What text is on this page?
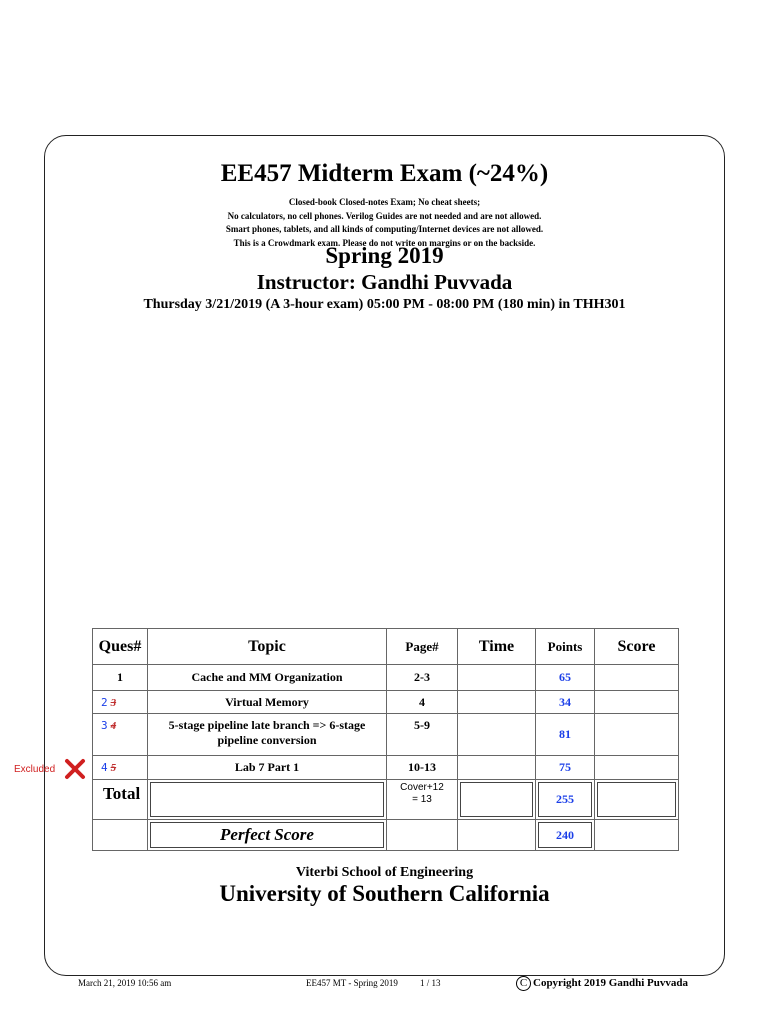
EE457 Midterm Exam (~24%)
Closed-book Closed-notes Exam; No cheat sheets;
No calculators, no cell phones. Verilog Guides are not needed and are not allowed.
Smart phones, tablets, and all kinds of computing/Internet devices are not allowed.
This is a Crowdmark exam. Please do not write on margins or on the backside.
Spring 2019
Instructor: Gandhi Puvvada
Thursday 3/21/2019 (A 3-hour exam) 05:00 PM - 08:00 PM (180 min) in THH301
Ques#	Topic	Page#	Time	Points	Score
1	Cache and MM Organization	2-3		65	
2 3	Virtual Memory	4		34	
3 4	5-stage pipeline late branch => 6-stage pipeline conversion	5-9		81	
4 5	Lab 7 Part 1	10-13		75	
Total		Cover+12
= 13		255	
	Perfect Score			240	
Excluded
Viterbi School of Engineering
University of Southern California
March 21, 2019 10:56 am	EE457 MT - Spring 2019 1 / 13	C Copyright 2019 Gandhi Puvvada
